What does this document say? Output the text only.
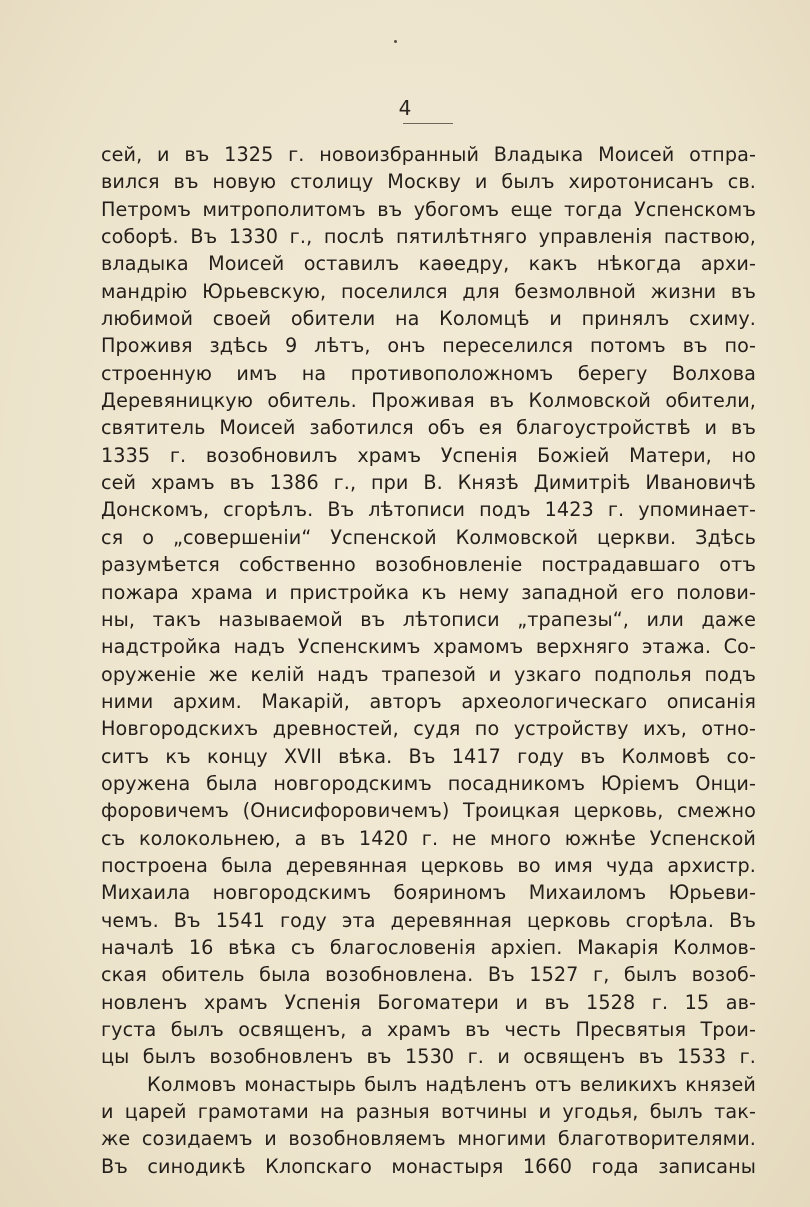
4
сей, и въ 1325 г. новоизбранный Владыка Моисей отпра-
вился въ новую столицу Москву и былъ хиротонисанъ св.
Петромъ митрополитомъ въ убогомъ еще тогда Успенскомъ
соборѣ. Въ 1330 г., послѣ пятилѣтняго управленія паствою,
владыка Моисей оставилъ каѳедру, какъ нѣкогда архи-
мандрію Юрьевскую, поселился для безмолвной жизни въ
любимой своей обители на Коломцѣ и принялъ схиму.
Проживя здѣсь 9 лѣтъ, онъ переселился потомъ въ по-
строенную имъ на противоположномъ берегу Волхова
Деревяницкую обитель. Проживая въ Колмовской обители,
святитель Моисей заботился объ ея благоустройствѣ и въ
1335 г. возобновилъ храмъ Успенія Божіей Матери, но
сей храмъ въ 1386 г., при В. Князѣ Димитріѣ Ивановичѣ
Донскомъ, сгорѣлъ. Въ лѣтописи подъ 1423 г. упоминает-
ся о „совершеніи“ Успенской Колмовской церкви. Здѣсь
разумѣется собственно возобновленіе пострадавшаго отъ
пожара храма и пристройка къ нему западной его полови-
ны, такъ называемой въ лѣтописи „трапезы“, или даже
надстройка надъ Успенскимъ храмомъ верхняго этажа. Со-
оруженіе же келій надъ трапезой и узкаго подполья подъ
ними архим. Макарій, авторъ археологическаго описанія
Новгородскихъ древностей, судя по устройству ихъ, отно-
ситъ къ концу XVII вѣка. Въ 1417 году въ Колмовѣ со-
оружена была новгородскимъ посадникомъ Юріемъ Онци-
форовичемъ (Онисифоровичемъ) Троицкая церковь, смежно
съ колокольнею, а въ 1420 г. не много южнѣе Успенской
построена была деревянная церковь во имя чуда архистр.
Михаила новгородскимъ бояриномъ Михаиломъ Юрьеви-
чемъ. Въ 1541 году эта деревянная церковь сгорѣла. Въ
началѣ 16 вѣка съ благословенія архіеп. Макарія Колмов-
ская обитель была возобновлена. Въ 1527 г, былъ возоб-
новленъ храмъ Успенія Богоматери и въ 1528 г. 15 ав-
густа былъ освященъ, а храмъ въ честь Пресвятыя Трои-
цы былъ возобновленъ въ 1530 г. и освященъ въ 1533 г.
Колмовъ монастырь былъ надѣленъ отъ великихъ князей
и царей грамотами на разныя вотчины и угодья, былъ так-
же созидаемъ и возобновляемъ многими благотворителями.
Въ синодикѣ Клопскаго монастыря 1660 года записаны
